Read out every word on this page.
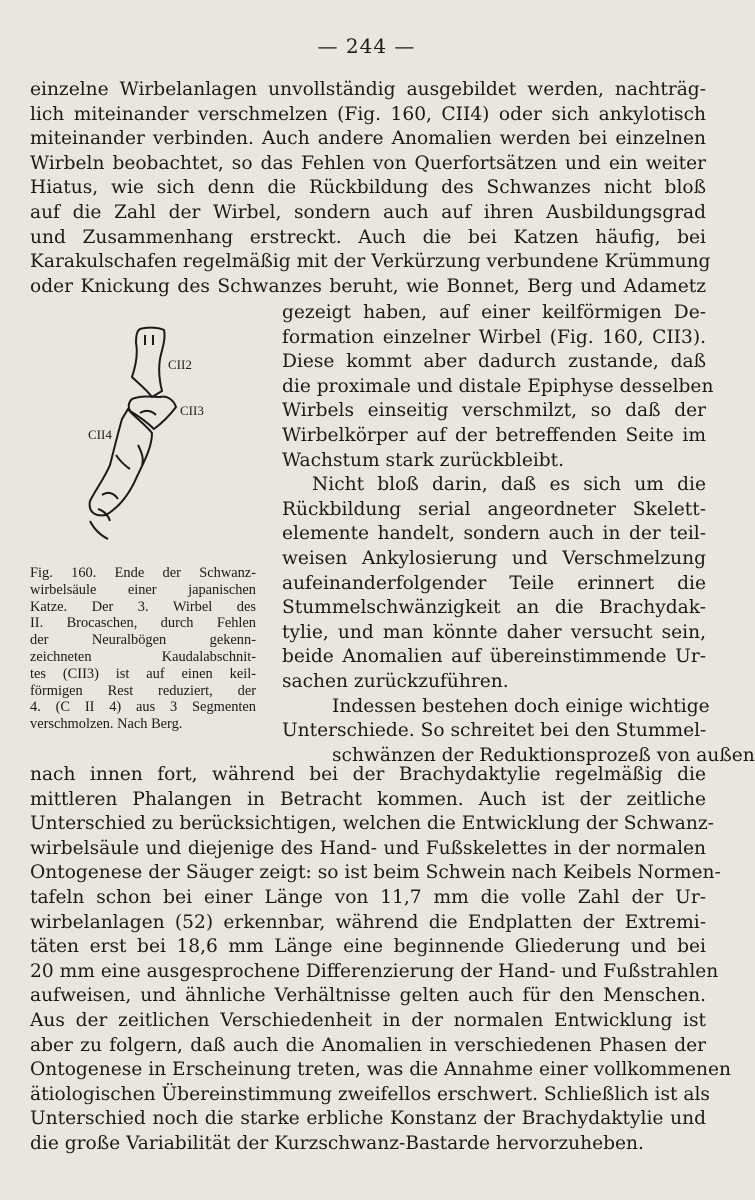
— 244 —
einzelne Wirbelanlagen unvollständig ausgebildet werden, nachträg-
lich miteinander verschmelzen (Fig. 160, CII4) oder sich ankylotisch
miteinander verbinden. Auch andere Anomalien werden bei einzelnen
Wirbeln beobachtet, so das Fehlen von Querfortsätzen und ein weiter
Hiatus, wie sich denn die Rückbildung des Schwanzes nicht bloß
auf die Zahl der Wirbel, sondern auch auf ihren Ausbildungsgrad
und Zusammenhang erstreckt. Auch die bei Katzen häufig, bei
Karakulschafen regelmäßig mit der Verkürzung verbundene Krümmung
oder Knickung des Schwanzes beruht, wie Bonnet, Berg und Adametz
CII2
CII3
CII4
Fig. 160. Ende der Schwanz-
wirbelsäule einer japanischen
Katze. Der 3. Wirbel des
II. Brocaschen, durch Fehlen
der Neuralbögen gekenn-
zeichneten Kaudalabschnit-
tes (CII3) ist auf einen keil-
förmigen Rest reduziert, der
4. (C II 4) aus 3 Segmenten
verschmolzen. Nach Berg.
gezeigt haben, auf einer keilförmigen De-
formation einzelner Wirbel (Fig. 160, CII3).
Diese kommt aber dadurch zustande, daß
die proximale und distale Epiphyse desselben
Wirbels einseitig verschmilzt, so daß der
Wirbelkörper auf der betreffenden Seite im
Wachstum stark zurückbleibt.
Nicht bloß darin, daß es sich um die
Rückbildung serial angeordneter Skelett-
elemente handelt, sondern auch in der teil-
weisen Ankylosierung und Verschmelzung
aufeinanderfolgender Teile erinnert die
Stummelschwänzigkeit an die Brachydak-
tylie, und man könnte daher versucht sein,
beide Anomalien auf übereinstimmende Ur-
sachen zurückzuführen.
Indessen bestehen doch einige wichtige
Unterschiede. So schreitet bei den Stummel-
schwänzen der Reduktionsprozeß von außen
nach innen fort, während bei der Brachydaktylie regelmäßig die
mittleren Phalangen in Betracht kommen. Auch ist der zeitliche
Unterschied zu berücksichtigen, welchen die Entwicklung der Schwanz-
wirbelsäule und diejenige des Hand- und Fußskelettes in der normalen
Ontogenese der Säuger zeigt: so ist beim Schwein nach Keibels Normen-
tafeln schon bei einer Länge von 11,7 mm die volle Zahl der Ur-
wirbelanlagen (52) erkennbar, während die Endplatten der Extremi-
täten erst bei 18,6 mm Länge eine beginnende Gliederung und bei
20 mm eine ausgesprochene Differenzierung der Hand- und Fußstrahlen
aufweisen, und ähnliche Verhältnisse gelten auch für den Menschen.
Aus der zeitlichen Verschiedenheit in der normalen Entwicklung ist
aber zu folgern, daß auch die Anomalien in verschiedenen Phasen der
Ontogenese in Erscheinung treten, was die Annahme einer vollkommenen
ätiologischen Übereinstimmung zweifellos erschwert. Schließlich ist als
Unterschied noch die starke erbliche Konstanz der Brachydaktylie und
die große Variabilität der Kurzschwanz-Bastarde hervorzuheben.
